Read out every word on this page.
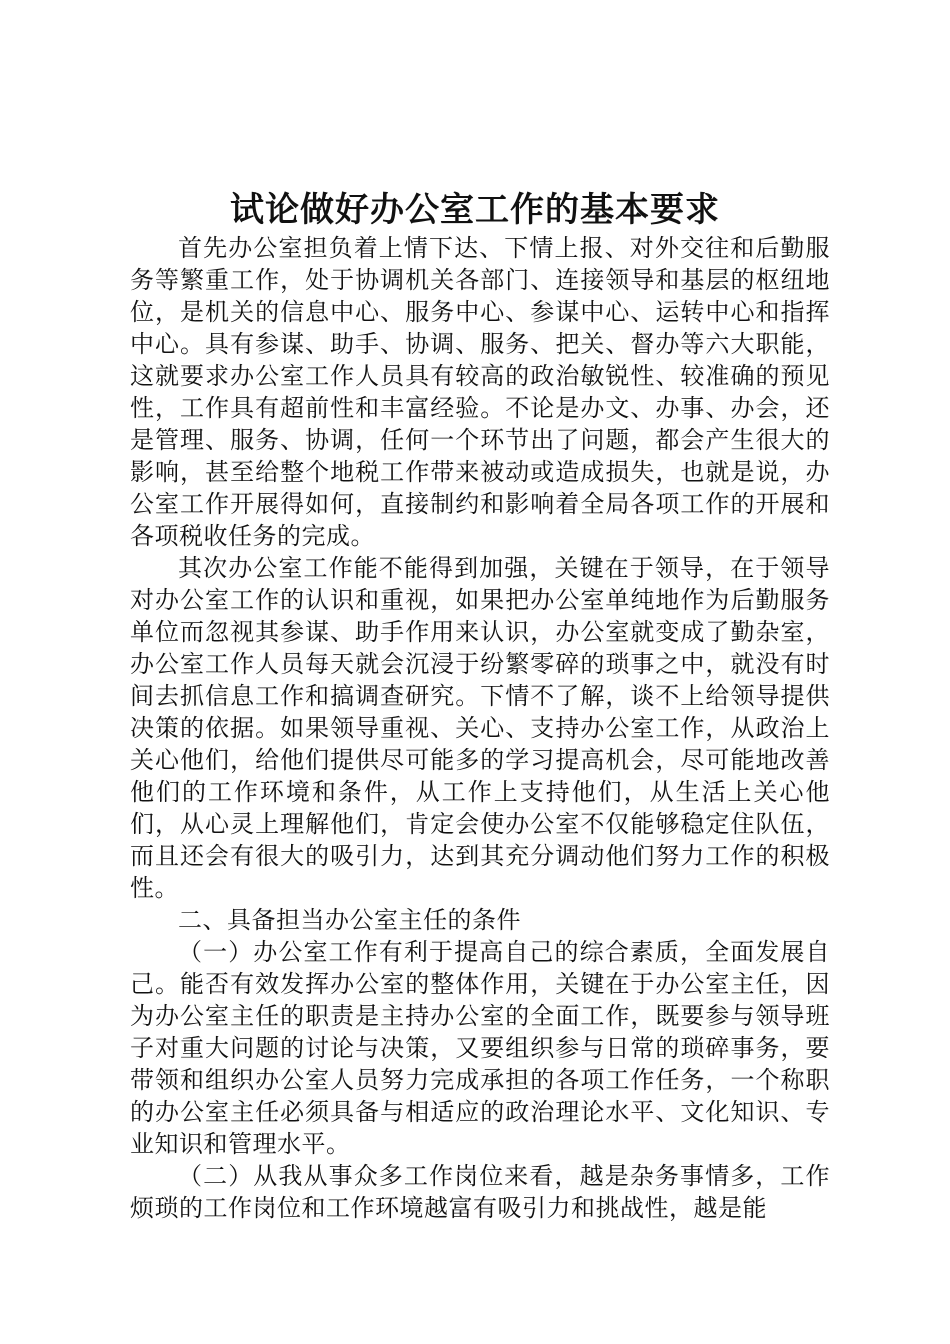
试论做好办公室工作的基本要求

首先办公室担负着上情下达、下情上报、对外交往和后勤服务等繁重工作，处于协调机关各部门、连接领导和基层的枢纽地位，是机关的信息中心、服务中心、参谋中心、运转中心和指挥中心。具有参谋、助手、协调、服务、把关、督办等六大职能，这就要求办公室工作人员具有较高的政治敏锐性、较准确的预见性，工作具有超前性和丰富经验。不论是办文、办事、办会，还是管理、服务、协调，任何一个环节出了问题，都会产生很大的影响，甚至给整个地税工作带来被动或造成损失，也就是说，办公室工作开展得如何，直接制约和影响着全局各项工作的开展和各项税收任务的完成。

其次办公室工作能不能得到加强，关键在于领导，在于领导对办公室工作的认识和重视，如果把办公室单纯地作为后勤服务单位而忽视其参谋、助手作用来认识，办公室就变成了勤杂室，办公室工作人员每天就会沉浸于纷繁零碎的琐事之中，就没有时间去抓信息工作和搞调查研究。下情不了解，谈不上给领导提供决策的依据。如果领导重视、关心、支持办公室工作，从政治上关心他们，给他们提供尽可能多的学习提高机会，尽可能地改善他们的工作环境和条件，从工作上支持他们，从生活上关心他们，从心灵上理解他们，肯定会使办公室不仅能够稳定住队伍，而且还会有很大的吸引力，达到其充分调动他们努力工作的积极性。

二、具备担当办公室主任的条件

（一）办公室工作有利于提高自己的综合素质，全面发展自己。能否有效发挥办公室的整体作用，关键在于办公室主任，因为办公室主任的职责是主持办公室的全面工作，既要参与领导班子对重大问题的讨论与决策，又要组织参与日常的琐碎事务，要带领和组织办公室人员努力完成承担的各项工作任务，一个称职的办公室主任必须具备与相适应的政治理论水平、文化知识、专业知识和管理水平。

（二）从我从事众多工作岗位来看，越是杂务事情多，工作烦琐的工作岗位和工作环境越富有吸引力和挑战性，越是能
